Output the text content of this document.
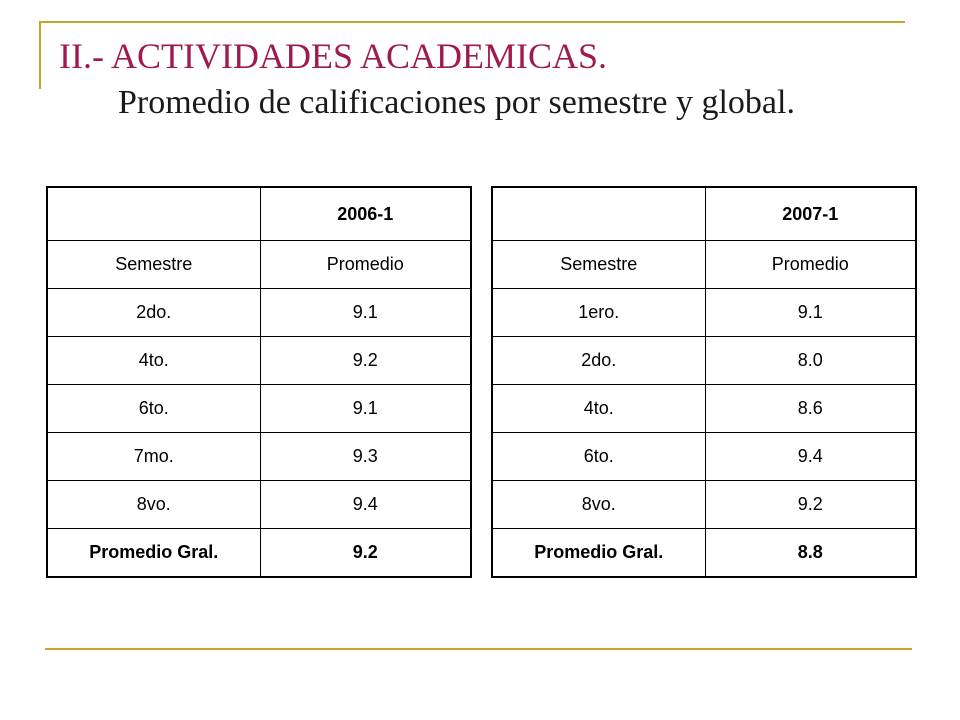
II.- ACTIVIDADES ACADEMICAS.
Promedio de calificaciones por semestre y global.
	2006-1
Semestre	Promedio
2do.	9.1
4to.	9.2
6to.	9.1
7mo.	9.3
8vo.	9.4
Promedio Gral.	9.2
	2007-1
Semestre	Promedio
1ero.	9.1
2do.	8.0
4to.	8.6
6to.	9.4
8vo.	9.2
Promedio Gral.	8.8
